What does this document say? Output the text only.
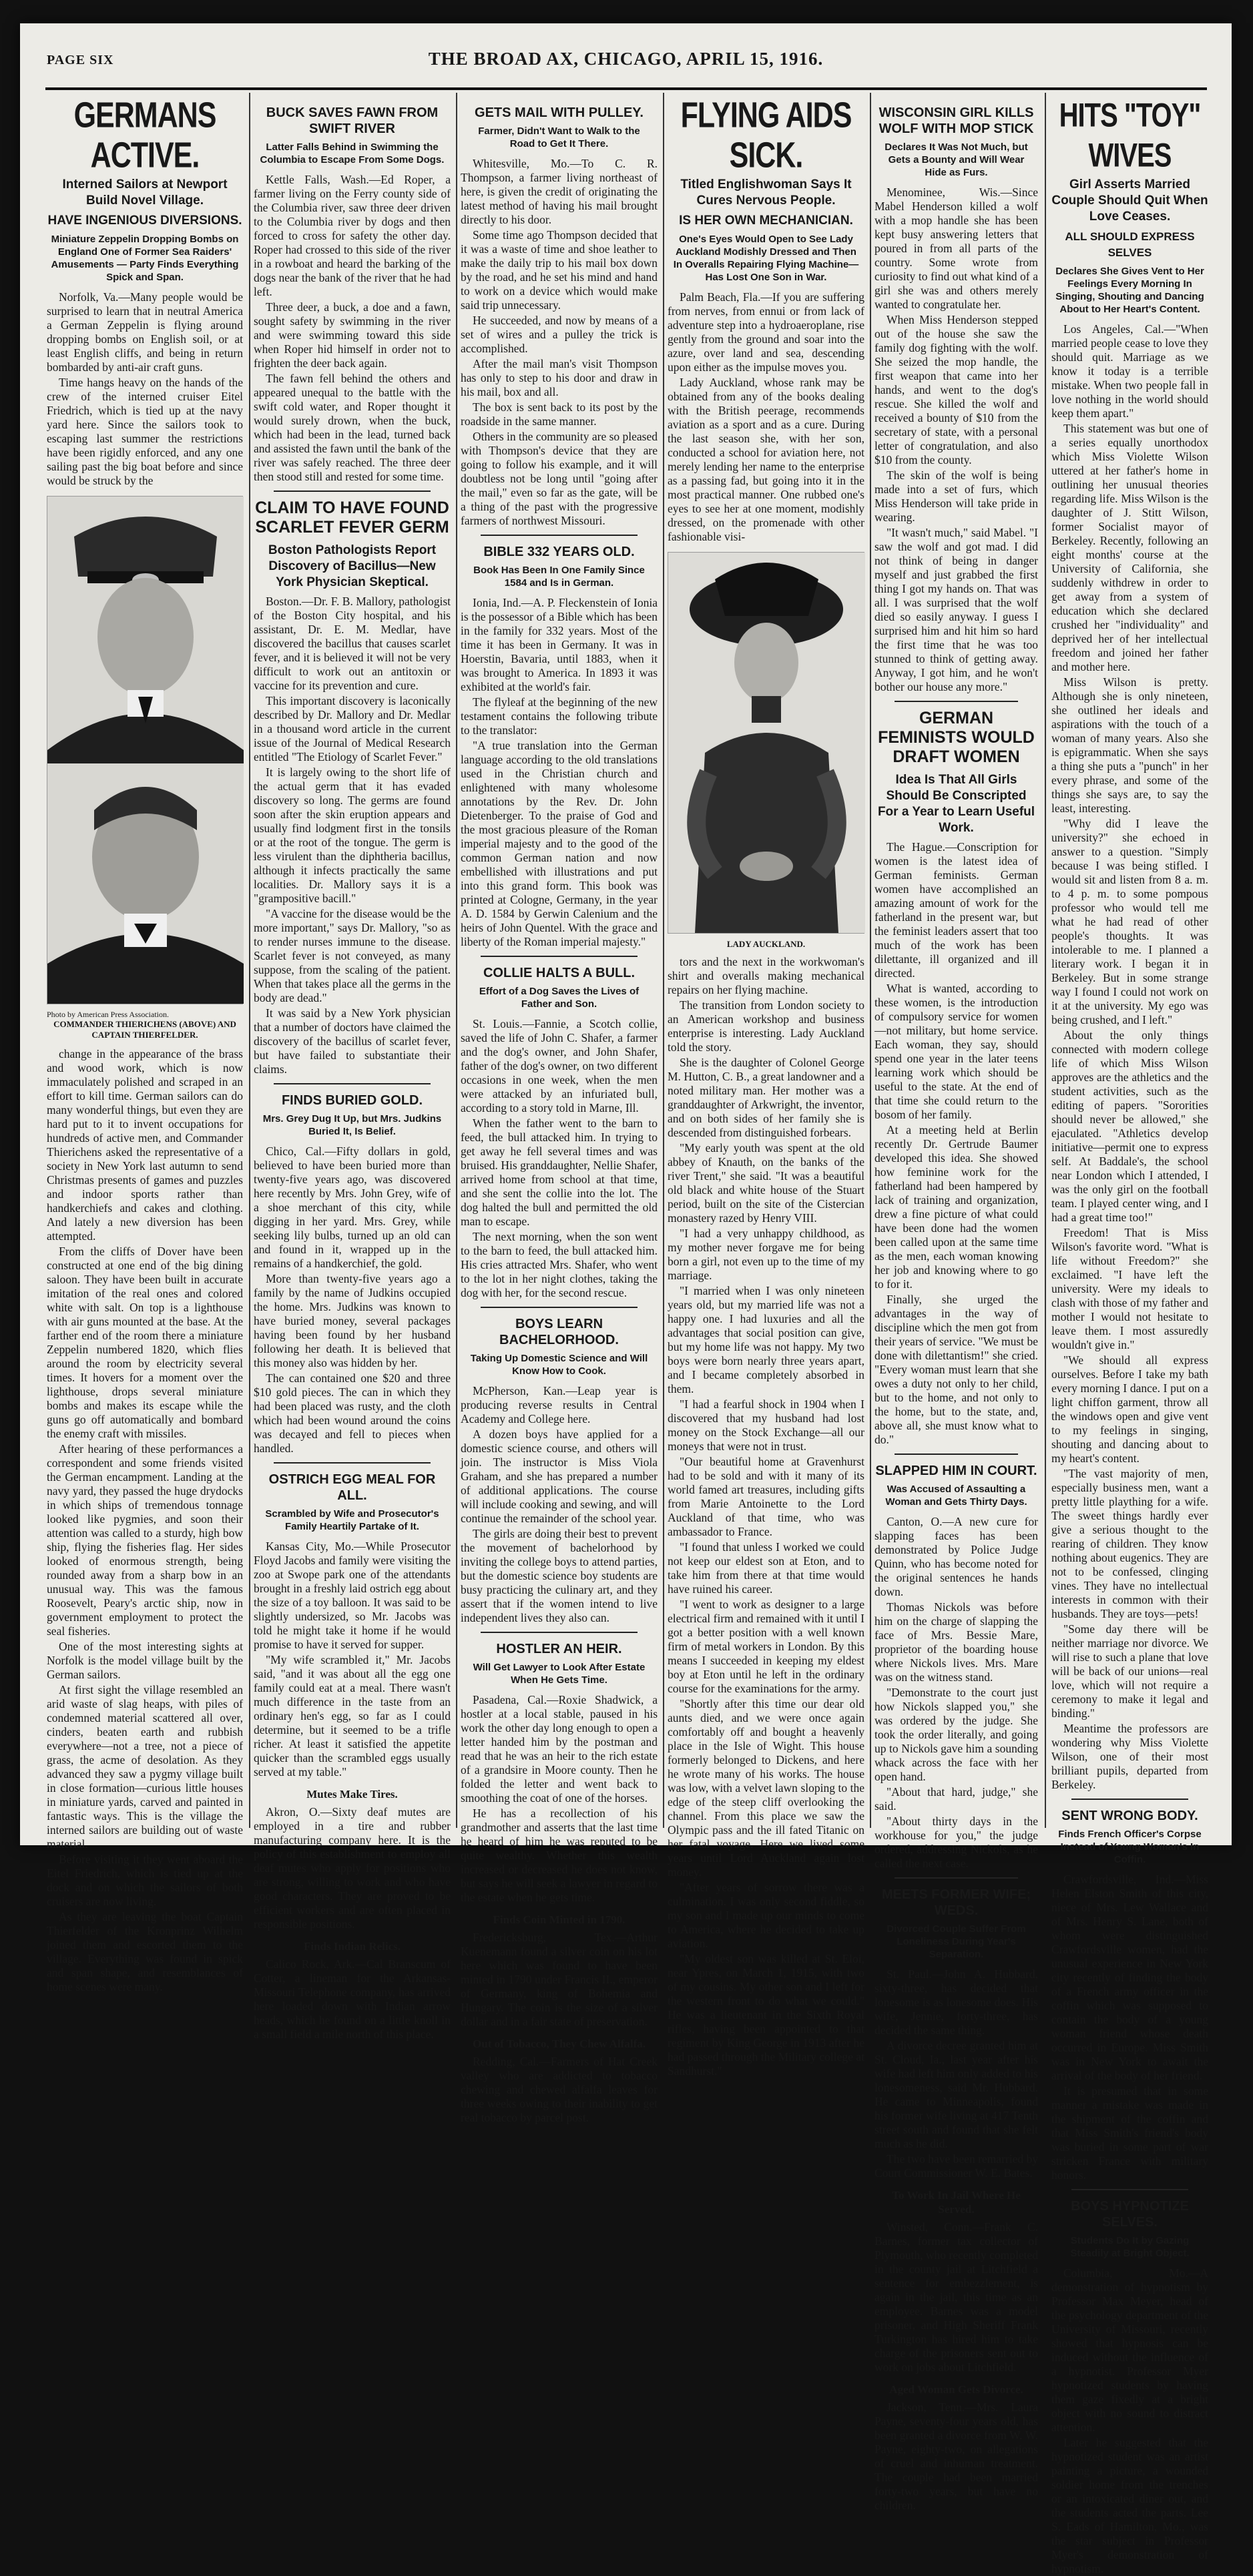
PAGE SIX	THE BROAD AX, CHICAGO, APRIL 15, 1916.
GERMANS ACTIVE.
Interned Sailors at Newport Build Novel Village.
HAVE INGENIOUS DIVERSIONS.
Miniature Zeppelin Dropping Bombs on England One of Former Sea Raiders' Amusements — Party Finds Everything Spick and Span.

Norfolk, Va.—Many people would be surprised to learn that in neutral America a German Zeppelin is flying around dropping bombs on English soil, or at least English cliffs, and being in return bombarded by anti-air craft guns.

Time hangs heavy on the hands of the crew of the interned cruiser Eitel Friedrich, which is tied up at the navy yard here. Since the sailors took to escaping last summer the restrictions have been rigidly enforced, and any one sailing past the big boat before and since would be struck by the

Photo by American Press Association.
COMMANDER THIERICHENS (ABOVE) AND CAPTAIN THIERFELDER.

change in the appearance of the brass and wood work, which is now immaculately polished and scraped in an effort to kill time. German sailors can do many wonderful things, but even they are hard put to it to invent occupations for hundreds of active men, and Commander Thierichens asked the representative of a society in New York last autumn to send Christmas presents of games and puzzles and indoor sports rather than handkerchiefs and cakes and clothing. And lately a new diversion has been attempted.

From the cliffs of Dover have been constructed at one end of the big dining saloon. They have been built in accurate imitation of the real ones and colored white with salt. On top is a lighthouse with air guns mounted at the base. At the farther end of the room there a miniature Zeppelin numbered 1820, which flies around the room by electricity several times. It hovers for a moment over the lighthouse, drops several miniature bombs and makes its escape while the guns go off automatically and bombard the enemy craft with missiles.

After hearing of these performances a correspondent and some friends visited the German encampment. Landing at the navy yard, they passed the huge drydocks in which ships of tremendous tonnage looked like pygmies, and soon their attention was called to a sturdy, high bow ship, flying the fisheries flag. Her sides looked of enormous strength, being rounded away from a sharp bow in an unusual way. This was the famous Roosevelt, Peary's arctic ship, now in government employment to protect the seal fisheries.

One of the most interesting sights at Norfolk is the model village built by the German sailors.

At first sight the village resembled an arid waste of slag heaps, with piles of condemned material scattered all over, cinders, beaten earth and rubbish everywhere—not a tree, not a piece of grass, the acme of desolation. As they advanced they saw a pygmy village built in close formation—curious little houses in miniature yards, carved and painted in fantastic ways. This is the village the interned sailors are building out of waste material.

Before visiting it they went aboard the Eitel Friedrich, which is tied up at the dock and on which the sailors of both cruisers are now living.

As they are leaving the boat Captain Thierfelder of the Kronprinz Wilhelm joined them and escorted them to the village. Everything was found in spick and span shape, and resemblances of home scenes were many.

BUCK SAVES FAWN FROM SWIFT RIVER
Latter Falls Behind in Swimming the Columbia to Escape From Some Dogs.

Kettle Falls, Wash.—Ed Roper, a farmer living on the Ferry county side of the Columbia river, saw three deer driven to the Columbia river by dogs and then forced to cross for safety the other day. Roper had crossed to this side of the river in a rowboat and heard the barking of the dogs near the bank of the river that he had left.

Three deer, a buck, a doe and a fawn, sought safety by swimming in the river and were swimming toward this side when Roper hid himself in order not to frighten the deer back again.

The fawn fell behind the others and appeared unequal to the battle with the swift cold water, and Roper thought it would surely drown, when the buck, which had been in the lead, turned back and assisted the fawn until the bank of the river was safely reached. The three deer then stood still and rested for some time.

CLAIM TO HAVE FOUND SCARLET FEVER GERM
Boston Pathologists Report Discovery of Bacillus—New York Physician Skeptical.

Boston.—Dr. F. B. Mallory, pathologist of the Boston City hospital, and his assistant, Dr. E. M. Medlar, have discovered the bacillus that causes scarlet fever, and it is believed it will not be very difficult to work out an antitoxin or vaccine for its prevention and cure.

This important discovery is laconically described by Dr. Mallory and Dr. Medlar in a thousand word article in the current issue of the Journal of Medical Research entitled "The Etiology of Scarlet Fever."

It is largely owing to the short life of the actual germ that it has evaded discovery so long. The germs are found soon after the skin eruption appears and usually find lodgment first in the tonsils or at the root of the tongue. The germ is less virulent than the diphtheria bacillus, although it infects practically the same localities. Dr. Mallory says it is a "grampositive bacill."

"A vaccine for the disease would be the more important," says Dr. Mallory, "so as to render nurses immune to the disease. Scarlet fever is not conveyed, as many suppose, from the scaling of the patient. When that takes place all the germs in the body are dead."

It was said by a New York physician that a number of doctors have claimed the discovery of the bacillus of scarlet fever, but have failed to substantiate their claims.

FINDS BURIED GOLD.
Mrs. Grey Dug It Up, but Mrs. Judkins Buried It, Is Belief.

Chico, Cal.—Fifty dollars in gold, believed to have been buried more than twenty-five years ago, was discovered here recently by Mrs. John Grey, wife of a shoe merchant of this city, while digging in her yard. Mrs. Grey, while seeking lily bulbs, turned up an old can and found in it, wrapped up in the remains of a handkerchief, the gold.

More than twenty-five years ago a family by the name of Judkins occupied the home. Mrs. Judkins was known to have buried money, several packages having been found by her husband following her death. It is believed that this money also was hidden by her.

The can contained one $20 and three $10 gold pieces. The can in which they had been placed was rusty, and the cloth which had been wound around the coins was decayed and fell to pieces when handled.

OSTRICH EGG MEAL FOR ALL.
Scrambled by Wife and Prosecutor's Family Heartily Partake of It.

Kansas City, Mo.—While Prosecutor Floyd Jacobs and family were visiting the zoo at Swope park one of the attendants brought in a freshly laid ostrich egg about the size of a toy balloon. It was said to be slightly undersized, so Mr. Jacobs was told he might take it home if he would promise to have it served for supper.

"My wife scrambled it," Mr. Jacobs said, "and it was about all the egg one family could eat at a meal. There wasn't much difference in the taste from an ordinary hen's egg, so far as I could determine, but it seemed to be a trifle richer. At least it satisfied the appetite quicker than the scrambled eggs usually served at my table."

Mutes Make Tires.

Akron, O.—Sixty deaf mutes are employed in a tire and rubber manufacturing company here. It is the policy of this establishment to employ all deaf mutes who apply for positions who are strong, willing to work and who have good characters. They are proved to be efficient workers and are often placed in responsible positions.

Finds Indian Relics.

Calico Rock, Ark.—Cal Branscum of Cotter, a lineman for the Arkansas-Missouri Telephone company, has arrived here loaded down with Indian arrow heads, which he found on a little knoll in a small field a mile north of this place.

GETS MAIL WITH PULLEY.
Farmer, Didn't Want to Walk to the Road to Get It There.

Whitesville, Mo.—To C. R. Thompson, a farmer living northeast of here, is given the credit of originating the latest method of having his mail brought directly to his door.

Some time ago Thompson decided that it was a waste of time and shoe leather to make the daily trip to his mail box down by the road, and he set his mind and hand to work on a device which would make said trip unnecessary.

He succeeded, and now by means of a set of wires and a pulley the trick is accomplished.

After the mail man's visit Thompson has only to step to his door and draw in his mail, box and all.

The box is sent back to its post by the roadside in the same manner.

Others in the community are so pleased with Thompson's device that they are going to follow his example, and it will doubtless not be long until "going after the mail," even so far as the gate, will be a thing of the past with the progressive farmers of northwest Missouri.

BIBLE 332 YEARS OLD.
Book Has Been In One Family Since 1584 and Is in German.

Ionia, Ind.—A. P. Fleckenstein of Ionia is the possessor of a Bible which has been in the family for 332 years. Most of the time it has been in Germany. It was in Hoerstin, Bavaria, until 1883, when it was brought to America. In 1893 it was exhibited at the world's fair.

The flyleaf at the beginning of the new testament contains the following tribute to the translator:

"A true translation into the German language according to the old translations used in the Christian church and enlightened with many wholesome annotations by the Rev. Dr. John Dietenberger. To the praise of God and the most gracious pleasure of the Roman imperial majesty and to the good of the common German nation and now embellished with illustrations and put into this grand form. This book was printed at Cologne, Germany, in the year A. D. 1584 by Gerwin Calenium and the heirs of John Quentel. With the grace and liberty of the Roman imperial majesty."

COLLIE HALTS A BULL.
Effort of a Dog Saves the Lives of Father and Son.

St. Louis.—Fannie, a Scotch collie, saved the life of John C. Shafer, a farmer and the dog's owner, and John Shafer, father of the dog's owner, on two different occasions in one week, when the men were attacked by an infuriated bull, according to a story told in Marne, Ill.

When the father went to the barn to feed, the bull attacked him. In trying to get away he fell several times and was bruised. His granddaughter, Nellie Shafer, arrived home from school at that time, and she sent the collie into the lot. The dog halted the bull and permitted the old man to escape.

The next morning, when the son went to the barn to feed, the bull attacked him. His cries attracted Mrs. Shafer, who went to the lot in her night clothes, taking the dog with her, for the second rescue.

BOYS LEARN BACHELORHOOD.
Taking Up Domestic Science and Will Know How to Cook.

McPherson, Kan.—Leap year is producing reverse results in Central Academy and College here.

A dozen boys have applied for a domestic science course, and others will join. The instructor is Miss Viola Graham, and she has prepared a number of additional applications. The course will include cooking and sewing, and will continue the remainder of the school year.

The girls are doing their best to prevent the movement of bachelorhood by inviting the college boys to attend parties, but the domestic science boy students are busy practicing the culinary art, and they assert that if the women intend to live independent lives they also can.

HOSTLER AN HEIR.
Will Get Lawyer to Look After Estate When He Gets Time.

Pasadena, Cal.—Roxie Shadwick, a hostler at a local stable, paused in his work the other day long enough to open a letter handed him by the postman and read that he was an heir to the rich estate of a grandsire in Moore county. Then he folded the letter and went back to smoothing the coat of one of the horses.

He has a recollection of his grandmother and asserts that the last time he heard of him he was reputed to be quite wealthy. Whether this wealth increased or decreased he does not know, but says he will seek a lawyer in regard to the estate when he gets time.

Finds Coin Minted in 1790.

Fredericksburg, Tex.—Arthur Kuenemann found a silver coin on his lot here which was found to have been minted in 1790 under Francis II., emperor of Germany, king of Bohemia and Hungary. The coin is the size of a silver dollar and in a fair state of preservation.

Out of Tobacco, They Chew Alfalfa.

Redding, Cal.—Farmers of Hat Creek valley who are addicted to tobacco chewing and chewed alfalfa leaves for three weeks owing to their inability to get real tobacco by parcel post.

FLYING AIDS SICK.
Titled Englishwoman Says It Cures Nervous People.
IS HER OWN MECHANICIAN.
One's Eyes Would Open to See Lady Auckland Modishly Dressed and Then In Overalls Repairing Flying Machine—Has Lost One Son in War.

Palm Beach, Fla.—If you are suffering from nerves, from ennui or from lack of adventure step into a hydroaeroplane, rise gently from the ground and soar into the azure, over land and sea, descending upon either as the impulse moves you.

Lady Auckland, whose rank may be obtained from any of the books dealing with the British peerage, recommends aviation as a sport and as a cure. During the last season she, with her son, conducted a school for aviation here, not merely lending her name to the enterprise as a passing fad, but going into it in the most practical manner. One rubbed one's eyes to see her at one moment, modishly dressed, on the promenade with other fashionable visi-

LADY AUCKLAND.

tors and the next in the workwoman's shirt and overalls making mechanical repairs on her flying machine.

The transition from London society to an American workshop and business enterprise is interesting. Lady Auckland told the story.

She is the daughter of Colonel George M. Hutton, C. B., a great landowner and a noted military man. Her mother was a granddaughter of Arkwright, the inventor, and on both sides of her family she is descended from distinguished forbears.

"My early youth was spent at the old abbey of Knauth, on the banks of the river Trent," she said. "It was a beautiful old black and white house of the Stuart period, built on the site of the Cistercian monastery razed by Henry VIII.

"I had a very unhappy childhood, as my mother never forgave me for being born a girl, not even up to the time of my marriage.

"I married when I was only nineteen years old, but my married life was not a happy one. I had luxuries and all the advantages that social position can give, but my home life was not happy. My two boys were born nearly three years apart, and I became completely absorbed in them.

"I had a fearful shock in 1904 when I discovered that my husband had lost money on the Stock Exchange—all our moneys that were not in trust.

"Our beautiful home at Gravenhurst had to be sold and with it many of its world famed art treasures, including gifts from Marie Antoinette to the Lord Auckland of that time, who was ambassador to France.

"I found that unless I worked we could not keep our eldest son at Eton, and to take him from there at that time would have ruined his career.

"I went to work as designer to a large electrical firm and remained with it until I got a better position with a well known firm of metal workers in London. By this means I succeeded in keeping my eldest boy at Eton until he left in the ordinary course for the examinations for the army.

"Shortly after this time our dear old aunts died, and we were once again comfortably off and bought a heavenly place in the Isle of Wight. This house formerly belonged to Dickens, and here he wrote many of his works. The house was low, with a velvet lawn sloping to the edge of the steep cliff overlooking the channel. From this place we saw the Olympic pass and the ill fated Titanic on her fatal voyage. Here we lived some years until Lord Auckland again lost money.

"After years of sorrow there was a culmination. I was only second fiddle, so my son and I made up our minds to come to America, where he decided to take up aviation.

"My oldest son was killed at St. Eloi, near Ypres, on March 1, 1915, with two of my cousins. My other son and I left for the western front to do what we could." He was a lieutenant in the Sixth Royal rifles, having been appointed to that regiment by King George in 1913 after he had passed through the Military college at Sandhurst."

WISCONSIN GIRL KILLS WOLF WITH MOP STICK
Declares It Was Not Much, but Gets a Bounty and Will Wear Hide as Furs.

Menominee, Wis.—Since Mabel Henderson killed a wolf with a mop handle she has been kept busy answering letters that poured in from all parts of the country. Some wrote from curiosity to find out what kind of a girl she was and others merely wanted to congratulate her.

When Miss Henderson stepped out of the house she saw the family dog fighting with the wolf. She seized the mop handle, the first weapon that came into her hands, and went to the dog's rescue. She killed the wolf and received a bounty of $10 from the secretary of state, with a personal letter of congratulation, and also $10 from the county.

The skin of the wolf is being made into a set of furs, which Miss Henderson will take pride in wearing.

"It wasn't much," said Mabel. "I saw the wolf and got mad. I did not think of being in danger myself and just grabbed the first thing I got my hands on. That was all. I was surprised that the wolf died so easily anyway. I guess I surprised him and hit him so hard the first time that he was too stunned to think of getting away. Anyway, I got him, and he won't bother our house any more."

GERMAN FEMINISTS WOULD DRAFT WOMEN
Idea Is That All Girls Should Be Conscripted For a Year to Learn Useful Work.

The Hague.—Conscription for women is the latest idea of German feminists. German women have accomplished an amazing amount of work for the fatherland in the present war, but the feminist leaders assert that too much of the work has been dilettante, ill organized and ill directed.

What is wanted, according to these women, is the introduction of compulsory service for women—not military, but home service. Each woman, they say, should spend one year in the later teens learning work which should be useful to the state. At the end of that time she could return to the bosom of her family.

At a meeting held at Berlin recently Dr. Gertrude Baumer developed this idea. She showed how feminine work for the fatherland had been hampered by lack of training and organization, drew a fine picture of what could have been done had the women been called upon at the same time as the men, each woman knowing her job and knowing where to go to for it.

Finally, she urged the advantages in the way of discipline which the men got from their years of service. "We must be done with dilettantism!" she cried. "Every woman must learn that she owes a duty not only to her child, but to the home, and not only to the home, but to the state, and, above all, she must know what to do."

SLAPPED HIM IN COURT.
Was Accused of Assaulting a Woman and Gets Thirty Days.

Canton, O.—A new cure for slapping faces has been demonstrated by Police Judge Quinn, who has become noted for the original sentences he hands down.

Thomas Nickols was before him on the charge of slapping the face of Mrs. Bessie Mare, proprietor of the boarding house where Nickols lives. Mrs. Mare was on the witness stand.

"Demonstrate to the court just how Nickols slapped you," she was ordered by the judge. She took the order literally, and going up to Nickols gave him a sounding whack across the face with her open hand.

"About that hard, judge," she said.

"About thirty days in the workhouse for you," the judge ordered, addressing Nickols, as he called the next case.

MEETS FORMER WIFE; WEDS.
Divorced Couple Suffer From Loneliness During Year's Separation.

St. Paul.—John A. Hubbard, sixty-three, has decided that lonesome is as lonesome does. His wife, Jennie, forty-three, has decided the same thing.

A divorce decree granted him at St. Cloud, Ia., last year after his wife had left him only added to his lonesomeness, said Mr. Hubbard. He came to Minneapolis, found his former wife living at 417 Tenth street south and found that she felt much as he did.

The two have been remarried by Court Commissioner W. E. Bates.

To Work In Jail Where He Served.

Winsted, Conn.—Frank C. Barnes, former tax collector of Plymouth, who recently completed in the county jail at Litchfield a sentence for embezzlement, is again in the jail, this time as an employee. Barnes was a model prisoner, and High Sheriff Frank Turkington has hired him to take charge of the prisoners sent out to work on jobs about Litchfield.

Aged Woman Gets Divorce.

Jackson, Tenn.—Mrs. Laura Payne, seventy-four years old, has been granted a divorce from W. W. Payne, eighty-two, on allegations of cruel and inhuman treatment. The couple had been married forty-two years, but have no children.

HITS "TOY" WIVES
Girl Asserts Married Couple Should Quit When Love Ceases.
ALL SHOULD EXPRESS SELVES
Declares She Gives Vent to Her Feelings Every Morning In Singing, Shouting and Dancing About to Her Heart's Content.

Los Angeles, Cal.—"When married people cease to love they should quit. Marriage as we know it today is a terrible mistake. When two people fall in love nothing in the world should keep them apart."

This statement was but one of a series equally unorthodox which Miss Violette Wilson uttered at her father's home in outlining her unusual theories regarding life. Miss Wilson is the daughter of J. Stitt Wilson, former Socialist mayor of Berkeley. Recently, following an eight months' course at the University of California, she suddenly withdrew in order to get away from a system of education which she declared crushed her "individuality" and deprived her of her intellectual freedom and joined her father and mother here.

Miss Wilson is pretty. Although she is only nineteen, she outlined her ideals and aspirations with the touch of a woman of many years. Also she is epigrammatic. When she says a thing she puts a "punch" in her every phrase, and some of the things she says are, to say the least, interesting.

"Why did I leave the university?" she echoed in answer to a question. "Simply because I was being stifled. I would sit and listen from 8 a. m. to 4 p. m. to some pompous professor who would tell me what he had read of other people's thoughts. It was intolerable to me. I planned a literary work. I began it in Berkeley. But in some strange way I found I could not work on it at the university. My ego was being crushed, and I left."

About the only things connected with modern college life of which Miss Wilson approves are the athletics and the student activities, such as the editing of papers. "Sororities should never be allowed," she ejaculated. "Athletics develop initiative—permit one to express self. At Baddale's, the school near London which I attended, I was the only girl on the football team. I played center wing, and I had a great time too!"

Freedom! That is Miss Wilson's favorite word. "What is life without Freedom?" she exclaimed. "I have left the university. Were my ideals to clash with those of my father and mother I would not hesitate to leave them. I most assuredly wouldn't give in."

"We should all express ourselves. Before I take my bath every morning I dance. I put on a light chiffon garment, throw all the windows open and give vent to my feelings in singing, shouting and dancing about to my heart's content.

"The vast majority of men, especially business men, want a pretty little plaything for a wife. The sweet things hardly ever give a serious thought to the rearing of children. They know nothing about eugenics. They are not to be confessed, clinging vines. They have no intellectual interests in common with their husbands. They are toys—pets!

"Some day there will be neither marriage nor divorce. We will rise to such a plane that love will be back of our unions—real love, which will not require a ceremony to make it legal and binding."

Meantime the professors are wondering why Miss Violette Wilson, one of their most brilliant pupils, departed from Berkeley.

SENT WRONG BODY.
Finds French Officer's Corpse Instead of Young Woman's In Coffin.

Crawfordsville, Ind.—Miss Helen Elston Smith of this city, niece of Mrs. Lew Wallace and of Mrs. Henry S. Lane, both of whom were distinguished Crawfordsville women, had the unusual experience in New York city recently of finding the body of a French army officer in the coffin which was supposed to contain the body of a young woman friend whose death occurred in Europe. Miss Smith was in New York to await the arrival of the body of her friend.

It is presumed that in some manner a mistake was made in the shipment of the coffin and that Miss Smith's friend's body was buried in some part of war stricken France with military honors.

BOYS HYPNOTIZE SELVES.
Students Do It by Gazing Steadily at Bright Object.

Columbia, Mo.—A demonstration of hypnotism by Professor Max Meyer, head of the psychology department of the University of Missouri, recently showed that hypnosis can be induced without the influence of a hypnotist. Professor Myer hypnotized students by having them gaze fixedly at a bright object with no sound to distract attention.

Later he suggested that the hypnotized student was an artist painting a picture, a wounded soldier home from the trenches or an intoxicated diner out, and the students acted the parts. Lee S. Eads of Hamilton, Mo., was the star subject in Professor Myer's demonstration of hypnotism.
